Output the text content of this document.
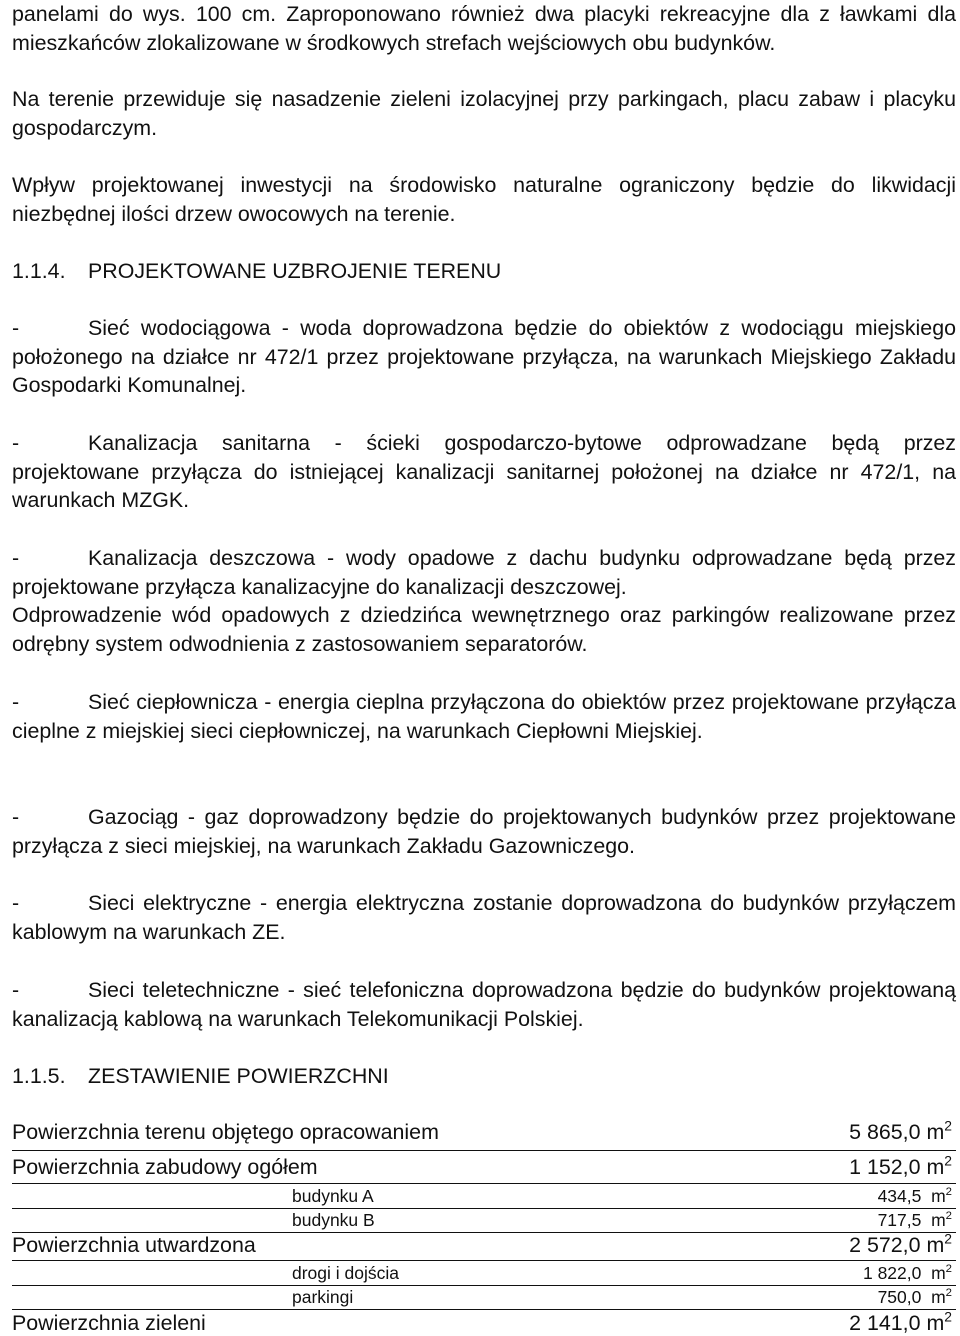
panelami do wys. 100 cm. Zaproponowano również dwa placyki rekreacyjne dla z ławkami dla mieszkańców zlokalizowane w środkowych strefach wejściowych obu budynków.

Na terenie przewiduje się nasadzenie zieleni izolacyjnej przy parkingach, placu zabaw i placyku gospodarczym.

Wpływ projektowanej inwestycji na środowisko naturalne ograniczony będzie do likwidacji niezbędnej ilości drzew owocowych na terenie.

1.1.4. PROJEKTOWANE UZBROJENIE TERENU
-	Sieć wodociągowa - woda doprowadzona będzie do obiektów z wodociągu miejskiego położonego na działce nr 472/1 przez projektowane przyłącza, na warunkach Miejskiego Zakładu Gospodarki Komunalnej.

-	Kanalizacja sanitarna - ścieki gospodarczo-bytowe odprowadzane będą przez projektowane przyłącza do istniejącej kanalizacji sanitarnej położonej na działce nr 472/1, na warunkach MZGK.

-	Kanalizacja deszczowa - wody opadowe z dachu budynku odprowadzane będą przez projektowane przyłącza kanalizacyjne do kanalizacji deszczowej.

Odprowadzenie wód opadowych z dziedzińca wewnętrznego oraz parkingów realizowane przez odrębny system odwodnienia z zastosowaniem separatorów.

-	Sieć ciepłownicza - energia cieplna przyłączona do obiektów przez projektowane przyłącza cieplne z miejskiej sieci ciepłowniczej, na warunkach Ciepłowni Miejskiej.

-	Gazociąg - gaz doprowadzony będzie do projektowanych budynków przez projektowane przyłącza z sieci miejskiej, na warunkach Zakładu Gazowniczego.

-	Sieci elektryczne - energia elektryczna zostanie doprowadzona do budynków przyłączem kablowym na warunkach ZE.

-	Sieci teletechniczne - sieć telefoniczna doprowadzona będzie do budynków projektowaną kanalizacją kablową na warunkach Telekomunikacji Polskiej.

1.1.5. ZESTAWIENIE POWIERZCHNI
Powierzchnia terenu objętego opracowaniem	5 865,0 $m^2$
Powierzchnia zabudowy ogółem	1 152,0 $m^2$
budynku A	434,5 $m^2$
budynku B	717,5 $m^2$
Powierzchnia utwardzona	2 572,0 $m^2$
drogi i dojścia	1 822,0 $m^2$
parkingi	750,0 $m^2$
Powierzchnia zieleni	2 141,0 $m^2$
